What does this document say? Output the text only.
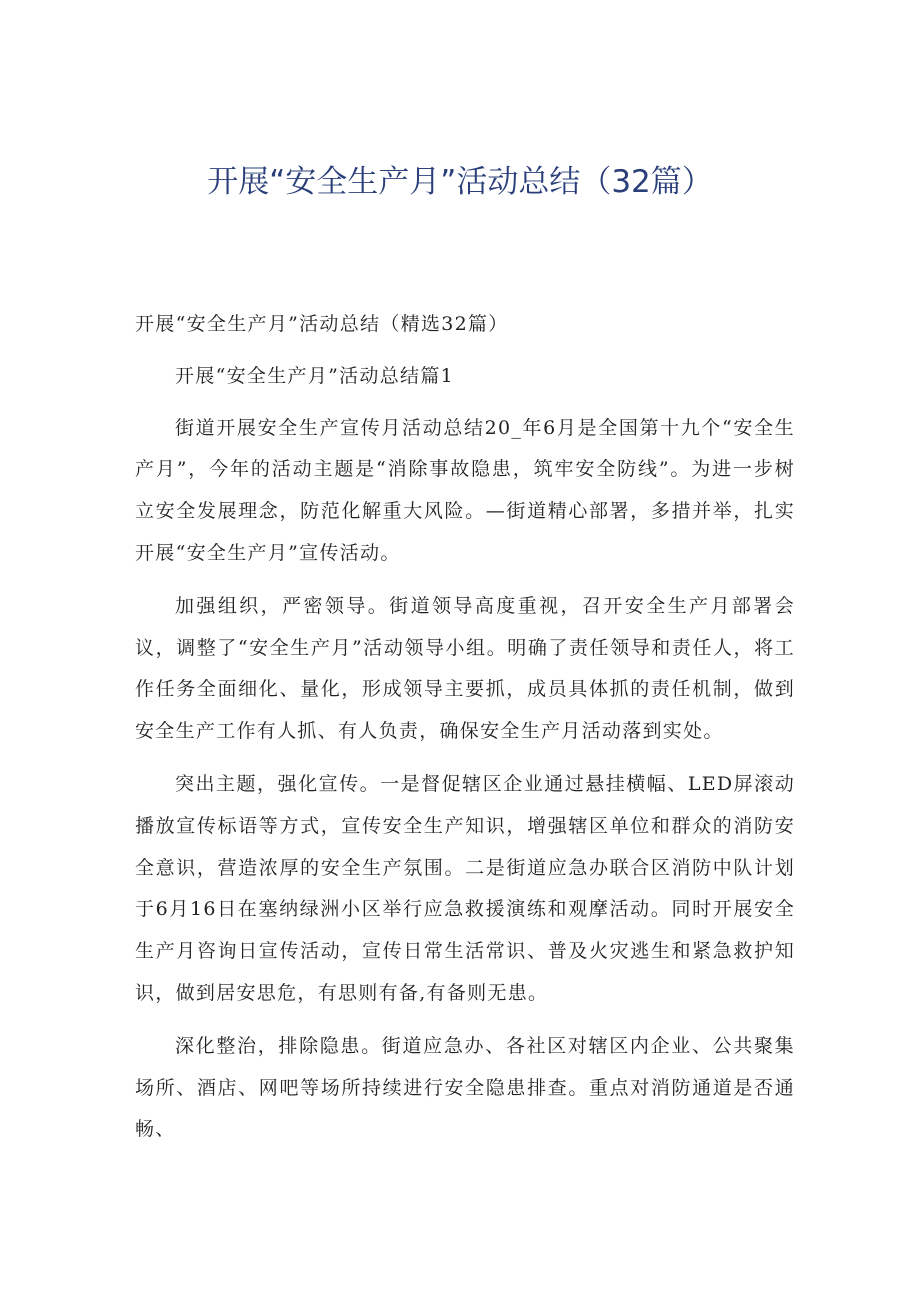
开展“安全生产月”活动总结（32篇）

开展“安全生产月”活动总结（精选32篇）

开展“安全生产月”活动总结篇1

街道开展安全生产宣传月活动总结20_年6月是全国第十九个“安全生产月”，今年的活动主题是“消除事故隐患，筑牢安全防线”。为进一步树立安全发展理念，防范化解重大风险。—街道精心部署，多措并举，扎实开展“安全生产月”宣传活动。

加强组织，严密领导。街道领导高度重视，召开安全生产月部署会议，调整了“安全生产月”活动领导小组。明确了责任领导和责任人，将工作任务全面细化、量化，形成领导主要抓，成员具体抓的责任机制，做到安全生产工作有人抓、有人负责，确保安全生产月活动落到实处。

突出主题，强化宣传。一是督促辖区企业通过悬挂横幅、LED屏滚动播放宣传标语等方式，宣传安全生产知识，增强辖区单位和群众的消防安全意识，营造浓厚的安全生产氛围。二是街道应急办联合区消防中队计划于6月16日在塞纳绿洲小区举行应急救援演练和观摩活动。同时开展安全生产月咨询日宣传活动，宣传日常生活常识、普及火灾逃生和紧急救护知识，做到居安思危，有思则有备,有备则无患。

深化整治，排除隐患。街道应急办、各社区对辖区内企业、公共聚集场所、酒店、网吧等场所持续进行安全隐患排查。重点对消防通道是否通畅、
